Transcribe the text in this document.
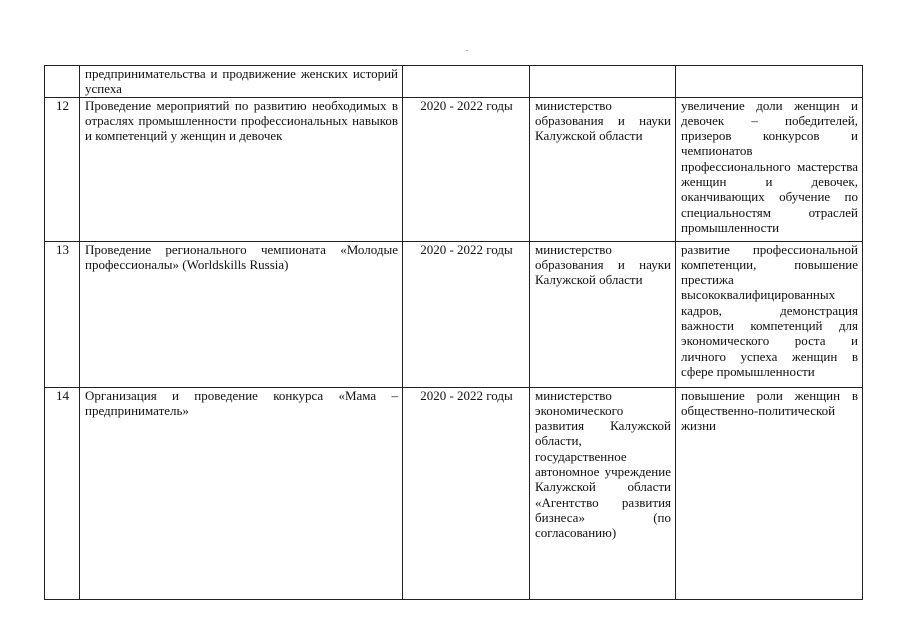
	предпринимательства и продвижение женских историй успеха			
12	Проведение мероприятий по развитию необходимых в отраслях промышленности профессиональных навыков и компетенций у женщин и девочек	2020 - 2022 годы	министерство образования и науки Калужской области	увеличение доли женщин и девочек – победителей, призеров конкурсов и чемпионатов профессионального мастерства женщин и девочек, оканчивающих обучение по специальностям отраслей промышленности
13	Проведение регионального чемпионата «Молодые профессионалы» (Worldskills Russia)	2020 - 2022 годы	министерство образования и науки Калужской области	развитие профессиональной компетенции, повышение престижа высококвалифицированных кадров, демонстрация важности компетенций для экономического роста и личного успеха женщин в сфере промышленности
14	Организация и проведение конкурса «Мама – предприниматель»	2020 - 2022 годы	министерство экономического развития Калужской области, государственное автономное учреждение Калужской области «Агентство развития бизнеса» (по согласованию)	повышение роли женщин в общественно-политической жизни
